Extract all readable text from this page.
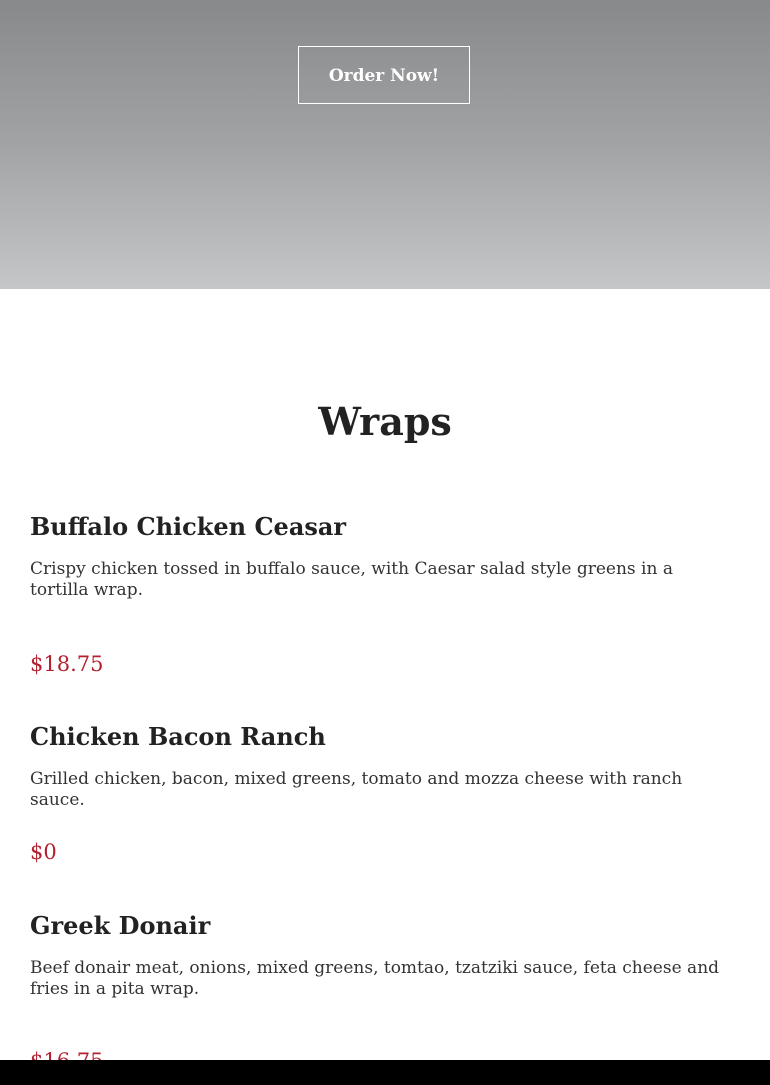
Order Now!
Wraps
Buffalo Chicken Ceasar

Crispy chicken tossed in buffalo sauce, with Caesar salad style greens in a tortilla wrap.

$18.75
Chicken Bacon Ranch

Grilled chicken, bacon, mixed greens, tomato and mozza cheese with ranch sauce.

$0
Greek Donair

Beef donair meat, onions, mixed greens, tomtao, tzatziki sauce, feta cheese and fries in a pita wrap.
